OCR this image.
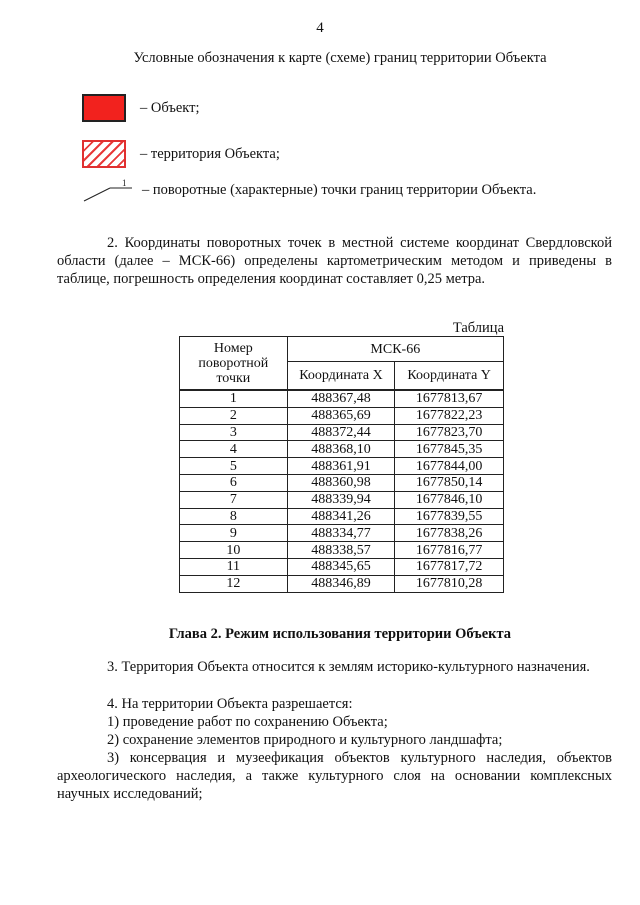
4
Условные обозначения к карте (схеме) границ территории Объекта
– Объект;
– территория Объекта;
1 – поворотные (характерные) точки границ территории Объекта.
2. Координаты поворотных точек в местной системе координат Свердловской области (далее – МСК-66) определены картометрическим методом и приведены в таблице, погрешность определения координат составляет 0,25 метра.
Таблица
Номер поворотной точки	МСК-66	
	Координата X	Координата Y
1	488367,48	1677813,67
2	488365,69	1677822,23
3	488372,44	1677823,70
4	488368,10	1677845,35
5	488361,91	1677844,00
6	488360,98	1677850,14
7	488339,94	1677846,10
8	488341,26	1677839,55
9	488334,77	1677838,26
10	488338,57	1677816,77
11	488345,65	1677817,72
12	488346,89	1677810,28
Глава 2. Режим использования территории Объекта
3. Территория Объекта относится к землям историко-культурного назначения.
4. На территории Объекта разрешается:
1) проведение работ по сохранению Объекта;
2) сохранение элементов природного и культурного ландшафта;
3) консервация и музеефикация объектов культурного наследия, объектов археологического наследия, а также культурного слоя на основании комплексных научных исследований;
